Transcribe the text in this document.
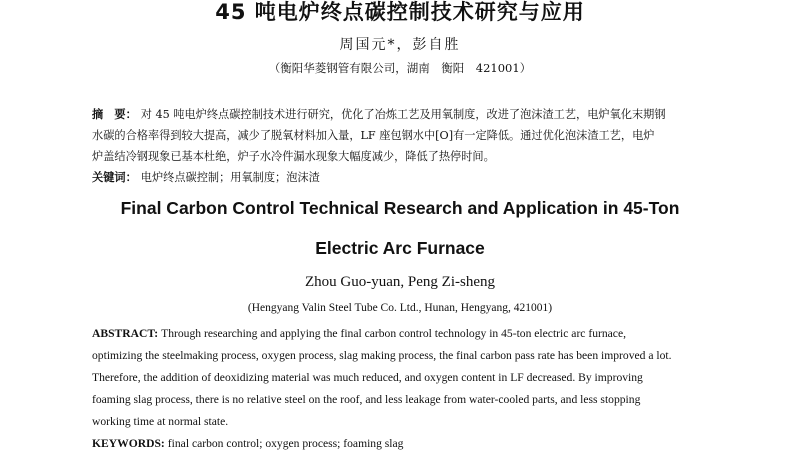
45 吨电炉终点碳控制技术研究与应用
周国元*，彭自胜
（衡阳华菱钢管有限公司，湖南　衡阳　421001）
摘　要： 对 45 吨电炉终点碳控制技术进行研究，优化了冶炼工艺及用氧制度，改进了泡沫渣工艺，电炉氧化末期钢
水碳的合格率得到较大提高，减少了脱氧材料加入量，LF 座包钢水中[O]有一定降低。通过优化泡沫渣工艺，电炉
炉盖结冷钢现象已基本杜绝，炉子水冷件漏水现象大幅度减少，降低了热停时间。
关键词： 电炉终点碳控制；用氧制度；泡沫渣
Final Carbon Control Technical Research and Application in 45-Ton
Electric Arc Furnace
Zhou Guo-yuan, Peng Zi-sheng
(Hengyang Valin Steel Tube Co. Ltd., Hunan, Hengyang, 421001)
ABSTRACT: Through researching and applying the final carbon control technology in 45-ton electric arc furnace,
optimizing the steelmaking process, oxygen process, slag making process, the final carbon pass rate has been improved a lot.
Therefore, the addition of deoxidizing material was much reduced, and oxygen content in LF decreased. By improving
foaming slag process, there is no relative steel on the roof, and less leakage from water-cooled parts, and less stopping
working time at normal state.
KEYWORDS: final carbon control; oxygen process; foaming slag
